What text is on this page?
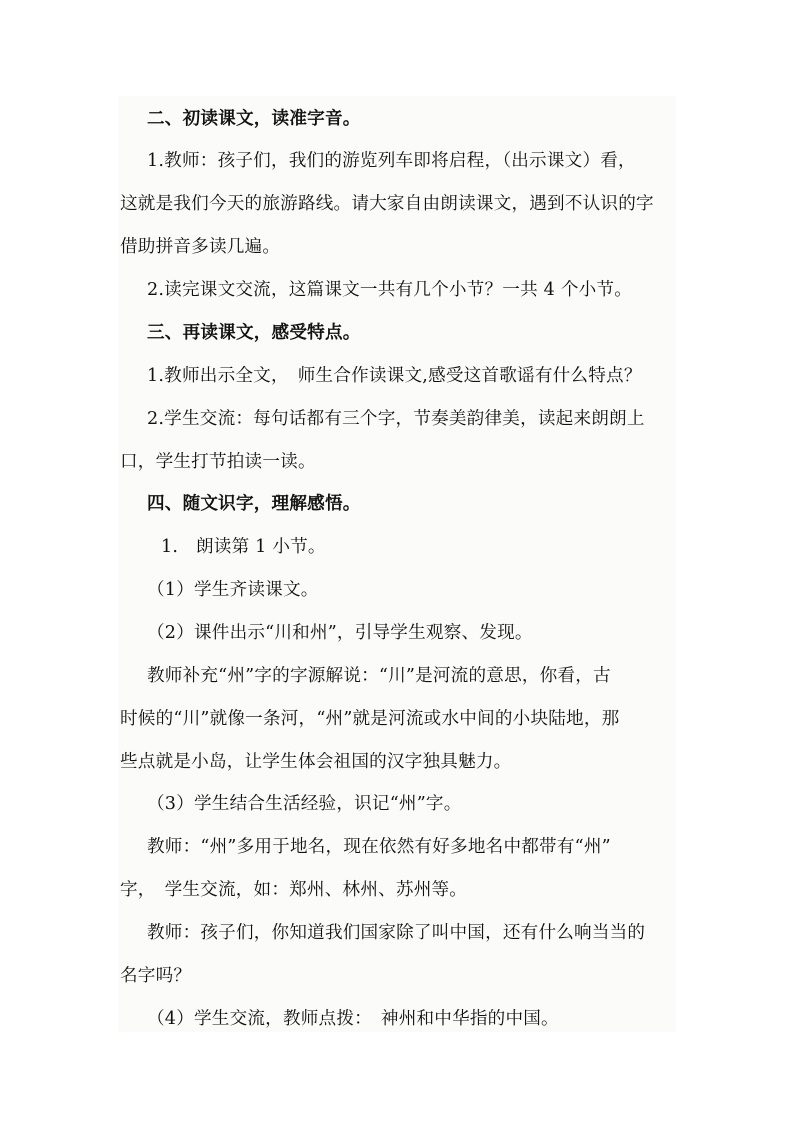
二、初读课文，读准字音。
1.教师：孩子们，我们的游览列车即将启程，（出示课文）看，
这就是我们今天的旅游路线。请大家自由朗读课文，遇到不认识的字
借助拼音多读几遍。
2.读完课文交流，这篇课文一共有几个小节？一共 4 个小节。
三、再读课文，感受特点。
1.教师出示全文，　师生合作读课文,感受这首歌谣有什么特点？
2.学生交流：每句话都有三个字，节奏美韵律美，读起来朗朗上
口，学生打节拍读一读。
四、随文识字，理解感悟。
1.　朗读第 1 小节。
（1）学生齐读课文。
（2）课件出示“川和州”，引导学生观察、发现。
教师补充“州”字的字源解说：“川”是河流的意思，你看，古
时候的“川”就像一条河，“州”就是河流或水中间的小块陆地，那
些点就是小岛，让学生体会祖国的汉字独具魅力。
（3）学生结合生活经验，识记“州”字。
教师：“州”多用于地名，现在依然有好多地名中都带有“州”
字，　学生交流，如：郑州、林州、苏州等。
教师：孩子们，你知道我们国家除了叫中国，还有什么响当当的
名字吗？
（4）学生交流，教师点拨：　神州和中华指的中国。
